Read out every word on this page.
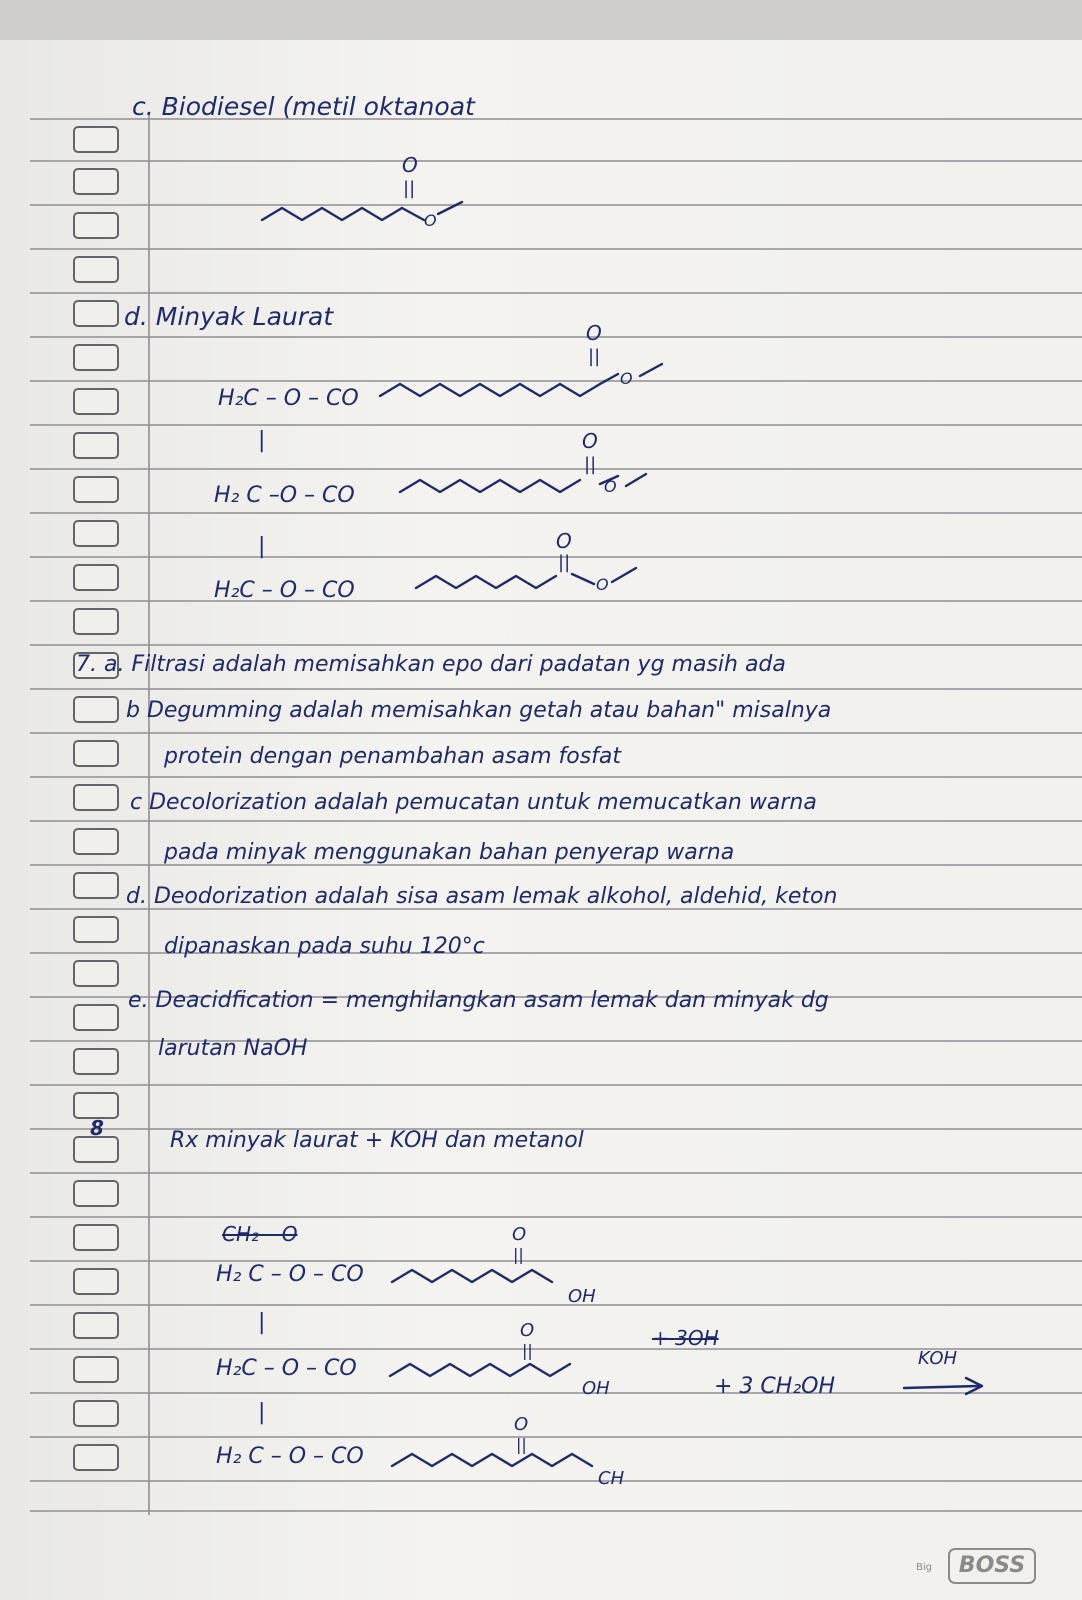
c. Biodiesel (metil oktanoat
d. Minyak Laurat
H₂C – O – CO
|
H₂ C –O – CO
|
H₂C – O – CO
7. a. Filtrasi adalah memisahkan epo dari padatan yg masih ada
b Degumming adalah memisahkan getah atau bahan" misalnya
protein dengan penambahan asam fosfat
c Decolorization adalah pemucatan untuk memucatkan warna
pada minyak menggunakan bahan penyerap warna
d. Deodorization adalah sisa asam lemak alkohol, aldehid, keton
dipanaskan pada suhu 120°c
e. Deacidfication = menghilangkan asam lemak dan minyak dg
larutan NaOH
8	Rx minyak laurat + KOH dan metanol
CH₂ – O
H₂ C – O – CO
|
H₂C – O – CO
|
H₂ C – O – CO
OH
OH
CH
+ 3OH
+ 3 CH₂OH
KOH
O
||
O
O
||
O
O
||
O
O
||
O
O
||
O
||
O
||
Big	BOSS
